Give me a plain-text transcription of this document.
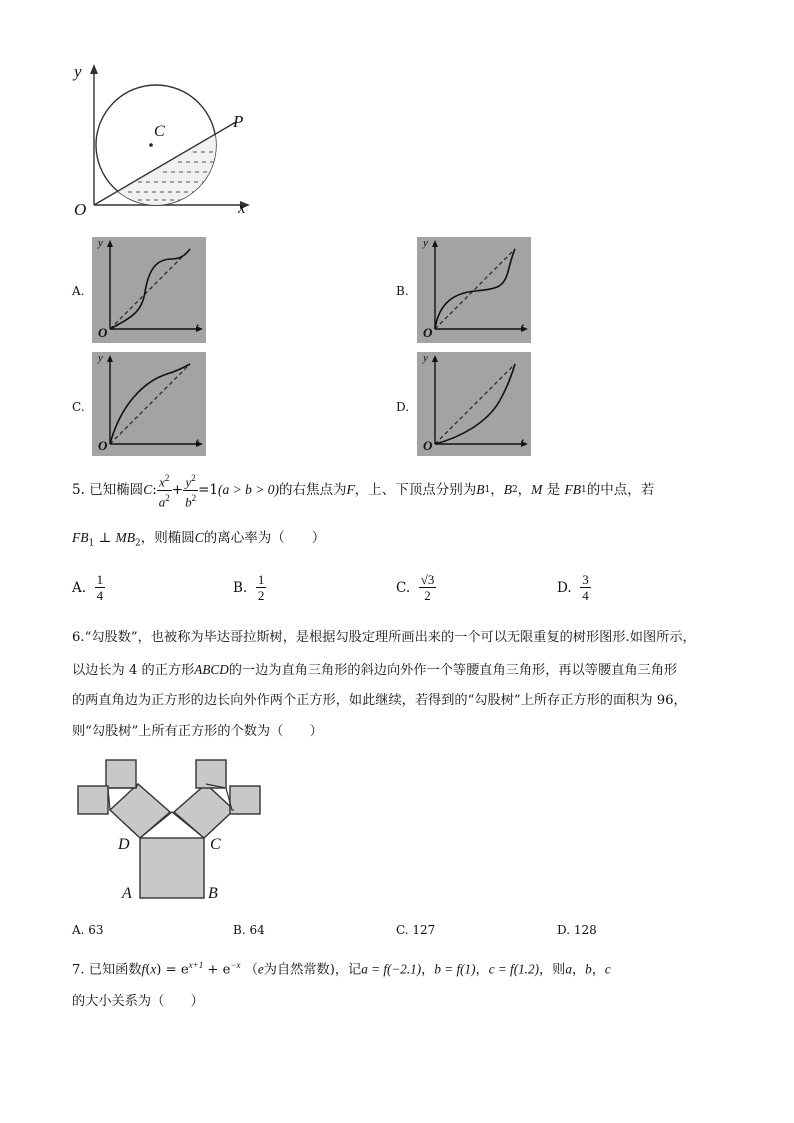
y
x
O
C
P
A.
y
t
O
B.
y
t
O
C.
y
t
O
D.
y
t
O
5.
已知椭圆 C : $\frac{x^2}{a^2} + \frac{y^2}{b^2} =1$ (a > b > 0) 的右焦点为 F ，上、下顶点分别为 B 1 ， B 2 ， M
是
FB 1 的中点，若
$FB_1$ ⊥ $MB_2$，则椭圆C的离心率为（　　）
A.
$\frac{1}{4}$	B.
$\frac{1}{2}$	C.
$\frac{√3}{2}$	D.
$\frac{3}{4}$
6.“勾股数”，也被称为毕达哥拉斯树，是根据勾股定理所画出来的一个可以无限重复的树形图形.如图所示，
以边长为 4 的正方形ABCD的一边为直角三角形的斜边向外作一个等腰直角三角形，再以等腰直角三角形
的两直角边为正方形的边长向外作两个正方形，如此继续，若得到的“勾股树”上所存正方形的面积为 96，
则“勾股树”上所有正方形的个数为（　　）
D	C
A	B
A. 63	B. 64	C. 127	D. 128
7. 已知函数$f(x) = e^{x+1} + e^{-x}$ （e为自然常数)，记a = f(−2.1)，b = f(1)，c = f(1.2)，则a，b，c
的大小关系为（　　）
